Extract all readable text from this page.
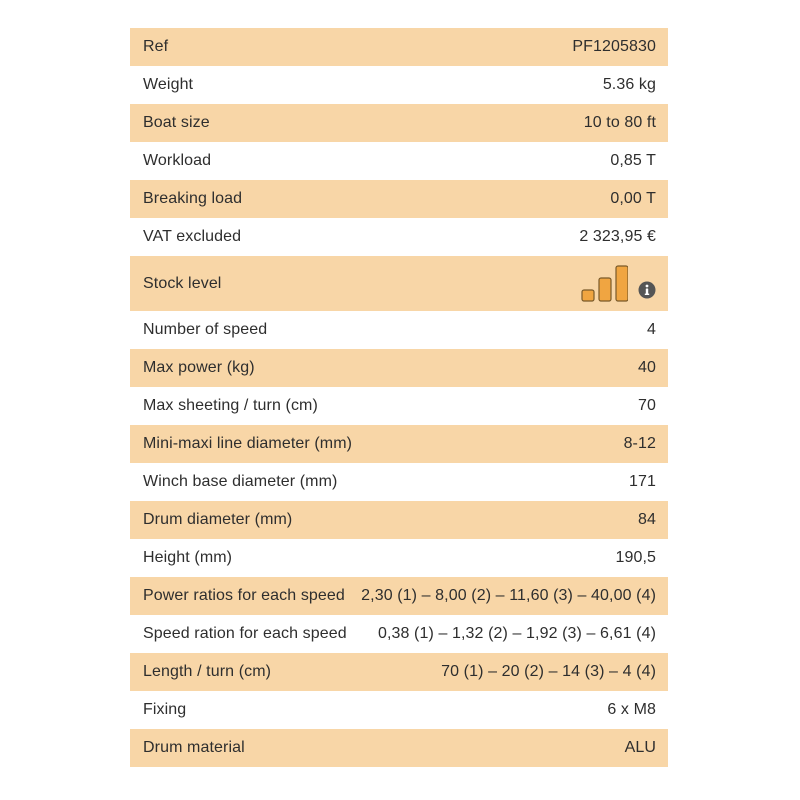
Ref	PF1205830
Weight	5.36 kg
Boat size	10 to 80 ft
Workload	0,85 T
Breaking load	0,00 T
VAT excluded	2 323,95 €
Stock level
Number of speed	4
Max power (kg)	40
Max sheeting / turn (cm)	70
Mini-maxi line diameter (mm)	8-12
Winch base diameter (mm)	171
Drum diameter (mm)	84
Height (mm)	190,5
Power ratios for each speed 2,30 (1) – 8,00 (2) – 11,60 (3) – 40,00 (4)
Speed ration for each speed 0,38 (1) – 1,32 (2) – 1,92 (3) – 6,61 (4)
Length / turn (cm)	70 (1) – 20 (2) – 14 (3) – 4 (4)
Fixing	6 x M8
Drum material	ALU
